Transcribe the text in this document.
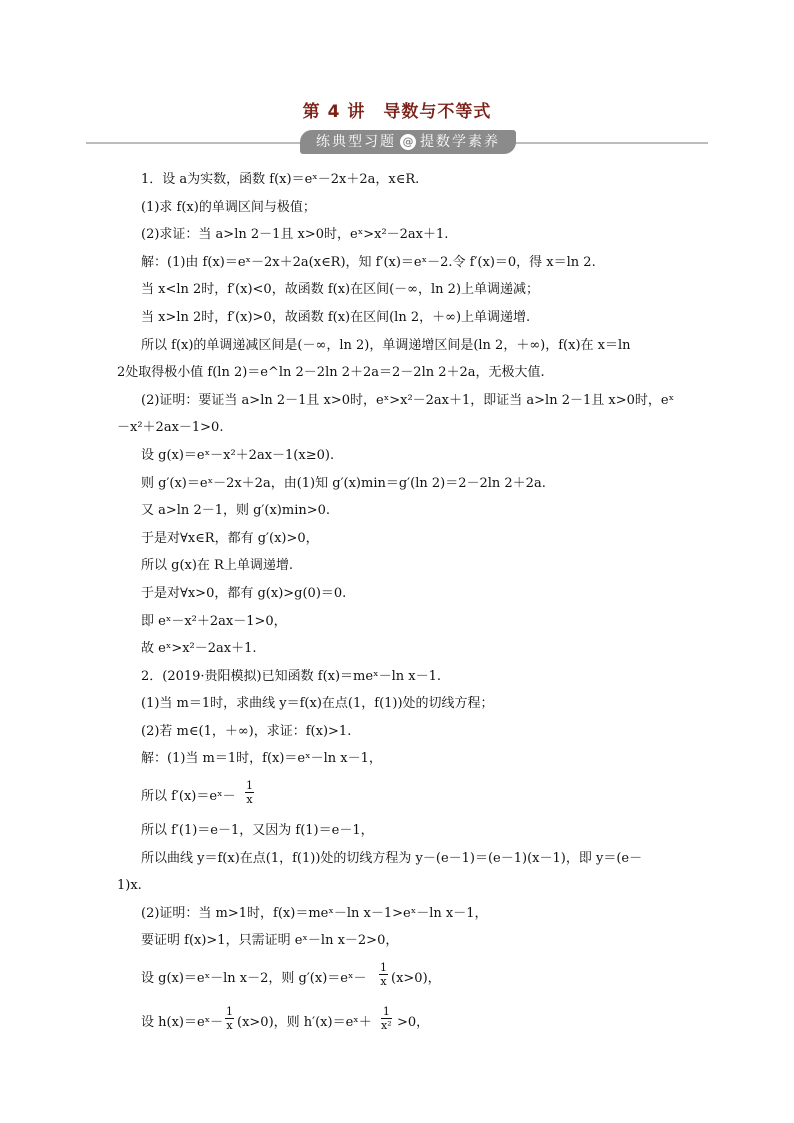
第 4 讲　导数与不等式
练典型习题 @ 提数学素养
1．设 a为实数，函数 f(x)＝eˣ－2x＋2a，x∈R.
(1)求 f(x)的单调区间与极值；
(2)求证：当 a>ln 2－1且 x>0时，eˣ>x²－2ax＋1.
解：(1)由 f(x)＝eˣ－2x＋2a(x∈R)，知 f′(x)＝eˣ－2.令 f′(x)＝0，得 x＝ln 2.
当 x<ln 2时，f′(x)<0，故函数 f(x)在区间(－∞，ln 2)上单调递减；
当 x>ln 2时，f′(x)>0，故函数 f(x)在区间(ln 2，＋∞)上单调递增.
所以 f(x)的单调递减区间是(－∞，ln 2)，单调递增区间是(ln 2，＋∞)，f(x)在 x＝ln
2处取得极小值 f(ln 2)＝e^ln 2－2ln 2＋2a＝2－2ln 2＋2a，无极大值.
(2)证明：要证当 a>ln 2－1且 x>0时，eˣ>x²－2ax＋1，即证当 a>ln 2－1且 x>0时，eˣ
－x²＋2ax－1>0.
设 g(x)＝eˣ－x²＋2ax－1(x≥0).
则 g′(x)＝eˣ－2x＋2a，由(1)知 g′(x)min＝g′(ln 2)＝2－2ln 2＋2a.
又 a>ln 2－1，则 g′(x)min>0.
于是对∀x∈R，都有 g′(x)>0，
所以 g(x)在 R上单调递增.
于是对∀x>0，都有 g(x)>g(0)＝0.
即 eˣ－x²＋2ax－1>0，
故 eˣ>x²－2ax＋1.
2．(2019·贵阳模拟)已知函数 f(x)＝meˣ－ln x－1.
(1)当 m＝1时，求曲线 y＝f(x)在点(1，f(1))处的切线方程；
(2)若 m∈(1，＋∞)，求证：f(x)>1.
解：(1)当 m＝1时，f(x)＝eˣ－ln x－1，
所以 f′(x)＝eˣ－ $\frac{1}{x}$
所以 f′(1)＝e－1，又因为 f(1)＝e－1，
所以曲线 y＝f(x)在点(1，f(1))处的切线方程为 y－(e－1)＝(e－1)(x－1)，即 y＝(e－
1)x.
(2)证明：当 m>1时，f(x)＝meˣ－ln x－1>eˣ－ln x－1，
要证明 f(x)>1，只需证明 eˣ－ln x－2>0，
设 g(x)＝eˣ－ln x－2，则 g′(x)＝eˣ－ $\frac{1}{x} (x>0)$，
设 h(x)＝eˣ－ $\frac{1}{x} (x>0)$，则 h′(x)＝eˣ＋ $\frac{1}{\text{x²}} >0$，
